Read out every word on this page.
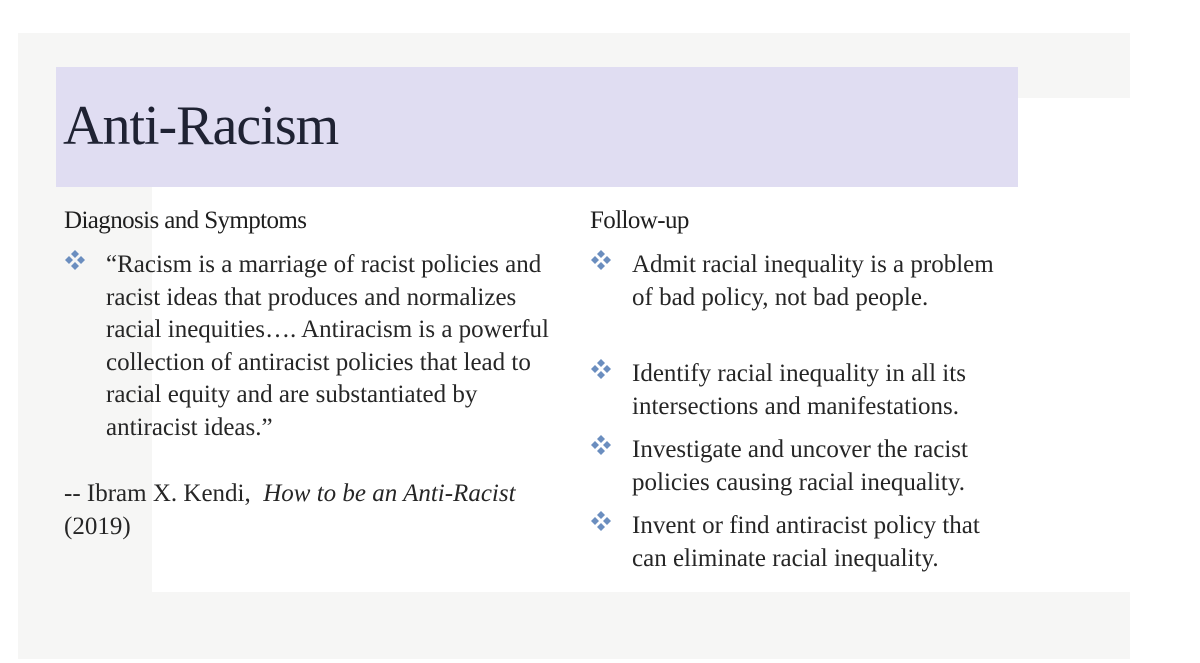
Anti-Racism
Diagnosis and Symptoms	Follow-up
“Racism is a marriage of racist policies and racist ideas that produces and normalizes racial inequities…. Antiracism is a powerful collection of antiracist policies that lead to racial equity and are substantiated by antiracist ideas.”
-- Ibram X. Kendi, How to be an Anti-Racist
(2019)
Admit racial inequality is a problem of bad policy, not bad people.
Identify racial inequality in all its intersections and manifestations.
Investigate and uncover the racist policies causing racial inequality.
Invent or find antiracist policy that can eliminate racial inequality.
